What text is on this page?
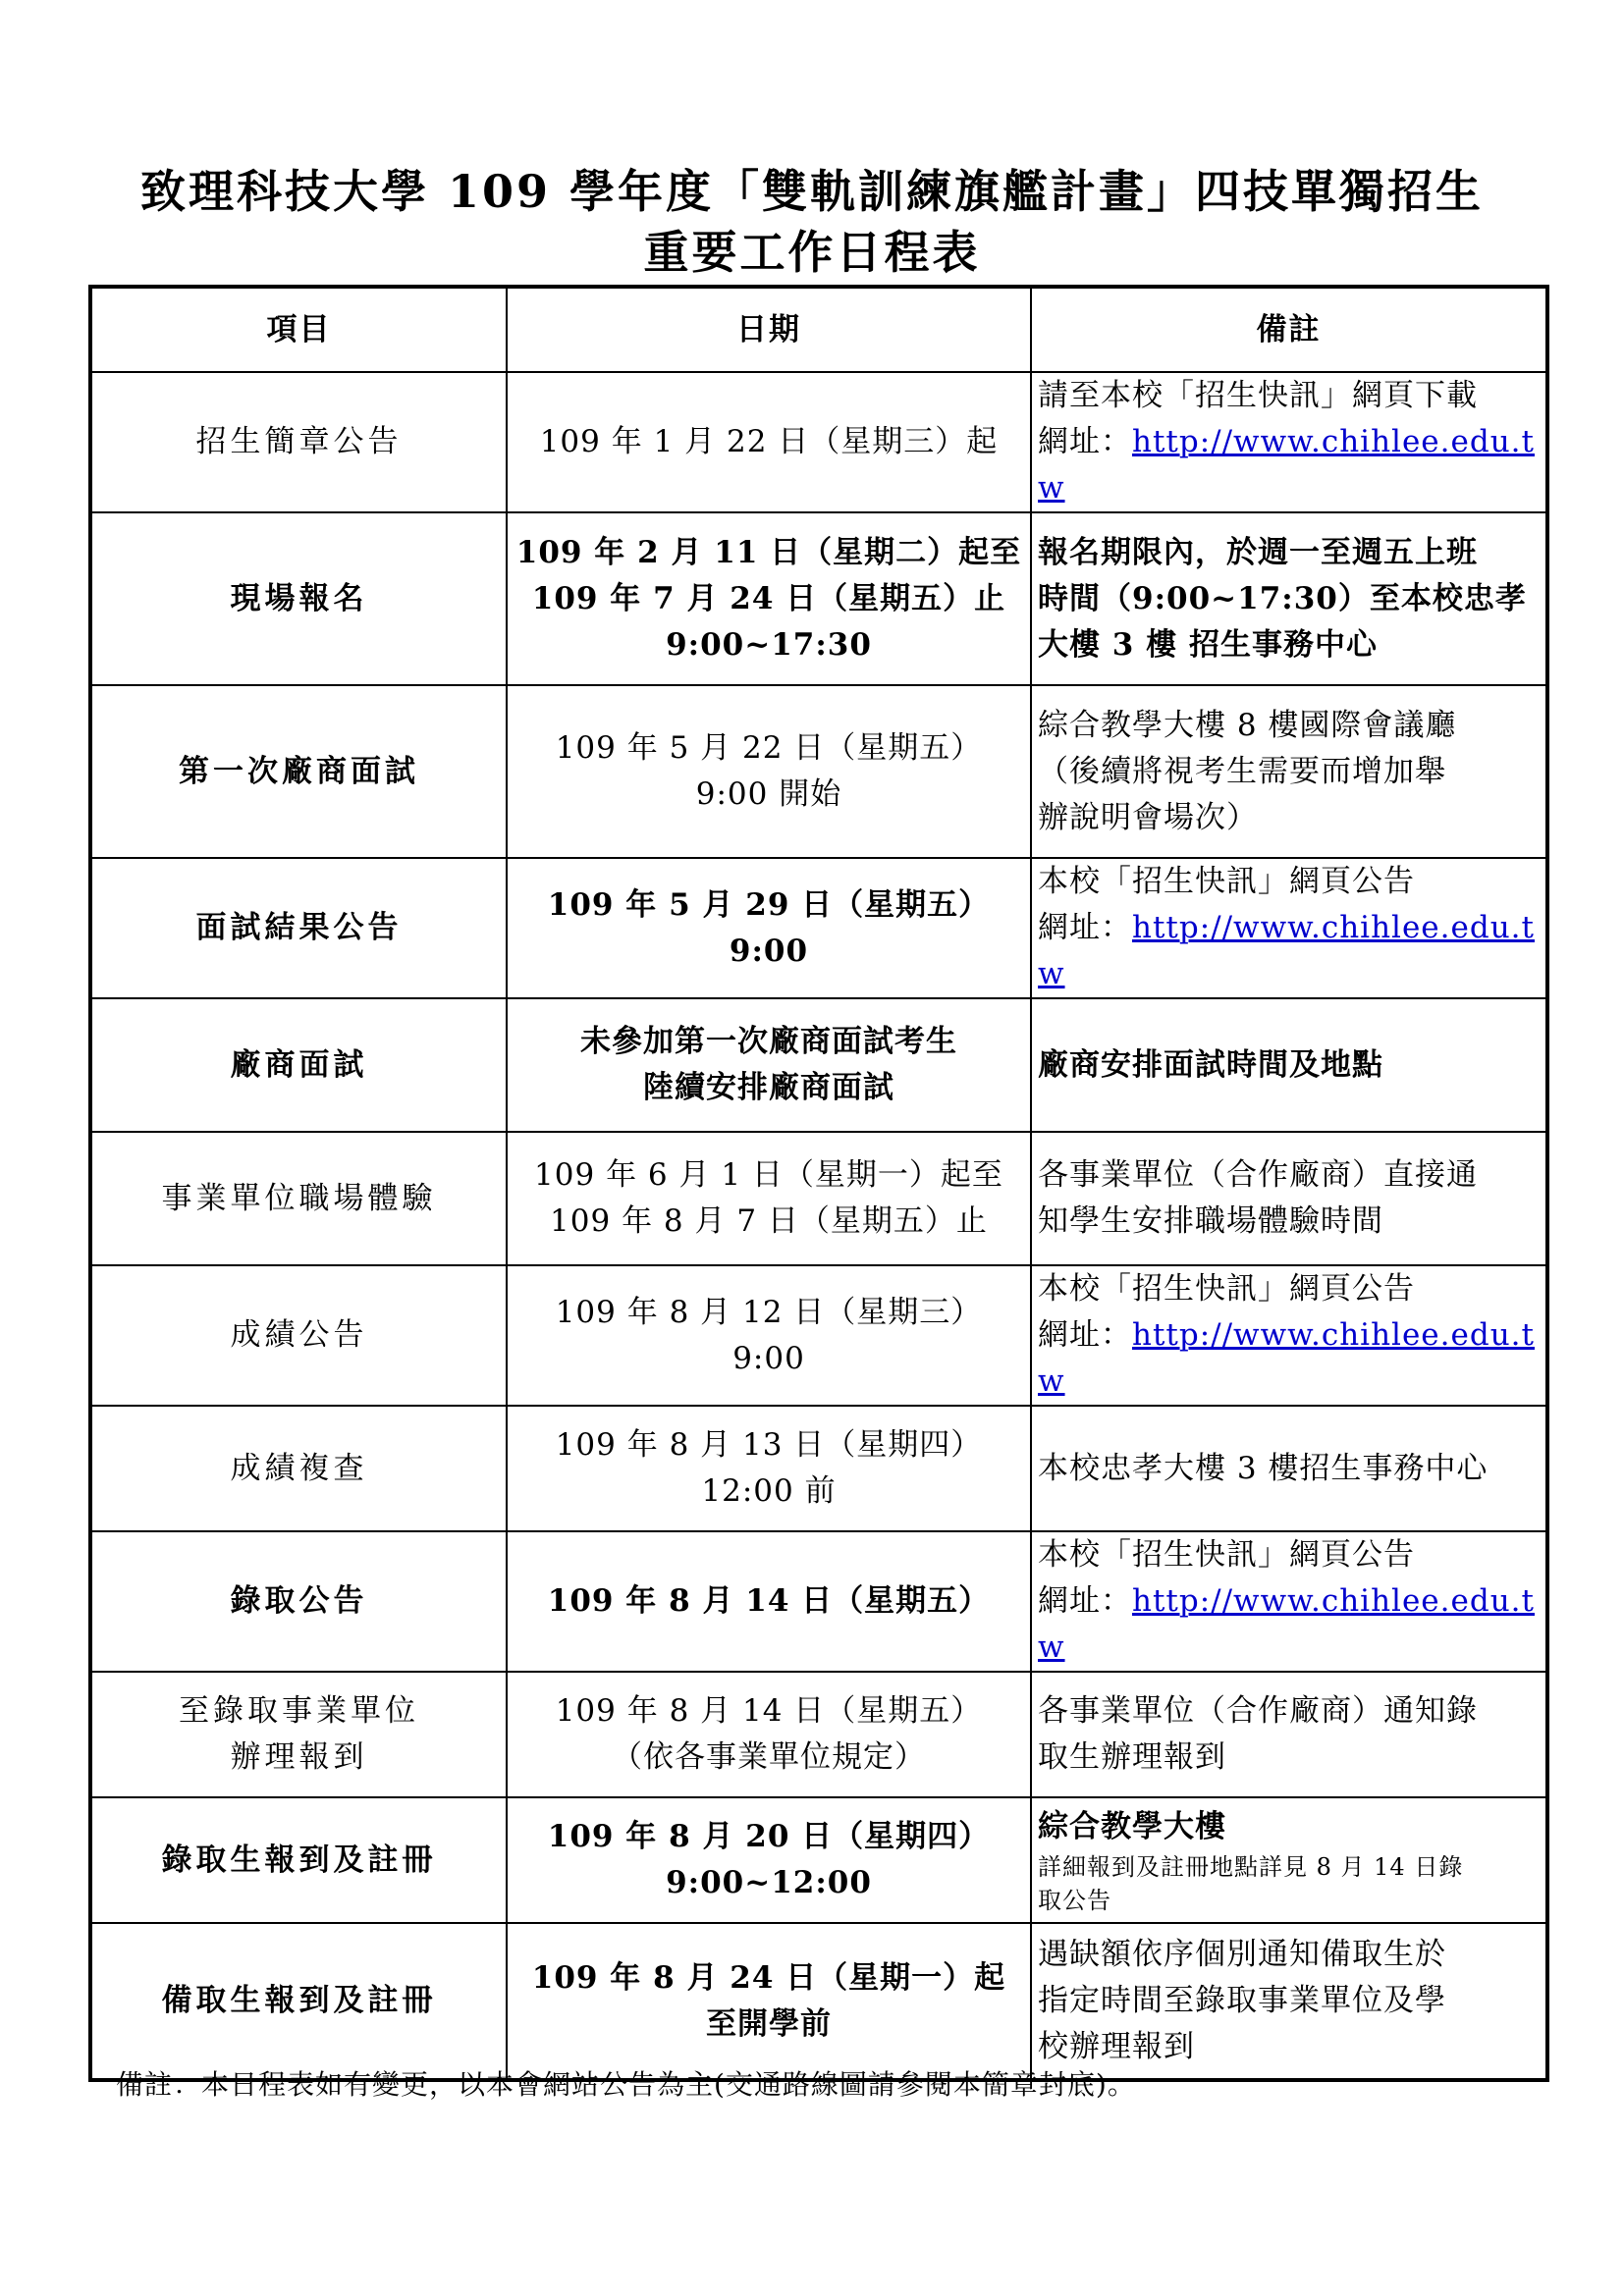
致理科技大學 109 學年度「雙軌訓練旗艦計畫」四技單獨招生
重要工作日程表
項目	日期	備註

招生簡章公告	109 年 1 月 22 日（星期三）起	請至本校「招生快訊」網頁下載
網址：http://www.chihlee.edu.tw

現場報名	109 年 2 月 11 日（星期二）起至
109 年 7 月 24 日（星期五）止
9:00~17:30	報名期限內，於週一至週五上班
時間（9:00~17:30）至本校忠孝
大樓 3 樓 招生事務中心

第一次廠商面試	109 年 5 月 22 日（星期五）
9:00 開始	綜合教學大樓 8 樓國際會議廳
（後續將視考生需要而增加舉
辦說明會場次）

面試結果公告	109 年 5 月 29 日（星期五）
9:00	本校「招生快訊」網頁公告
網址：http://www.chihlee.edu.tw

廠商面試	未參加第一次廠商面試考生
陸續安排廠商面試	廠商安排面試時間及地點

事業單位職場體驗	109 年 6 月 1 日（星期一）起至
109 年 8 月 7 日（星期五）止	各事業單位（合作廠商）直接通
知學生安排職場體驗時間

成績公告	109 年 8 月 12 日（星期三）
9:00	本校「招生快訊」網頁公告
網址：http://www.chihlee.edu.tw

成績複查	109 年 8 月 13 日（星期四）
12:00 前	本校忠孝大樓 3 樓招生事務中心

錄取公告	109 年 8 月 14 日（星期五）	本校「招生快訊」網頁公告
網址：http://www.chihlee.edu.tw

至錄取事業單位
辦理報到	109 年 8 月 14 日（星期五）
（依各事業單位規定）	各事業單位（合作廠商）通知錄
取生辦理報到

錄取生報到及註冊	109 年 8 月 20 日（星期四）
9:00~12:00	綜合教學大樓
詳細報到及註冊地點詳見 8 月 14 日錄
取公告

備取生報到及註冊	109 年 8 月 24 日（星期一）起
至開學前	遇缺額依序個別通知備取生於
指定時間至錄取事業單位及學
校辦理報到
備註：本日程表如有變更，以本會網站公告為主(交通路線圖請參閱本簡章封底)。
